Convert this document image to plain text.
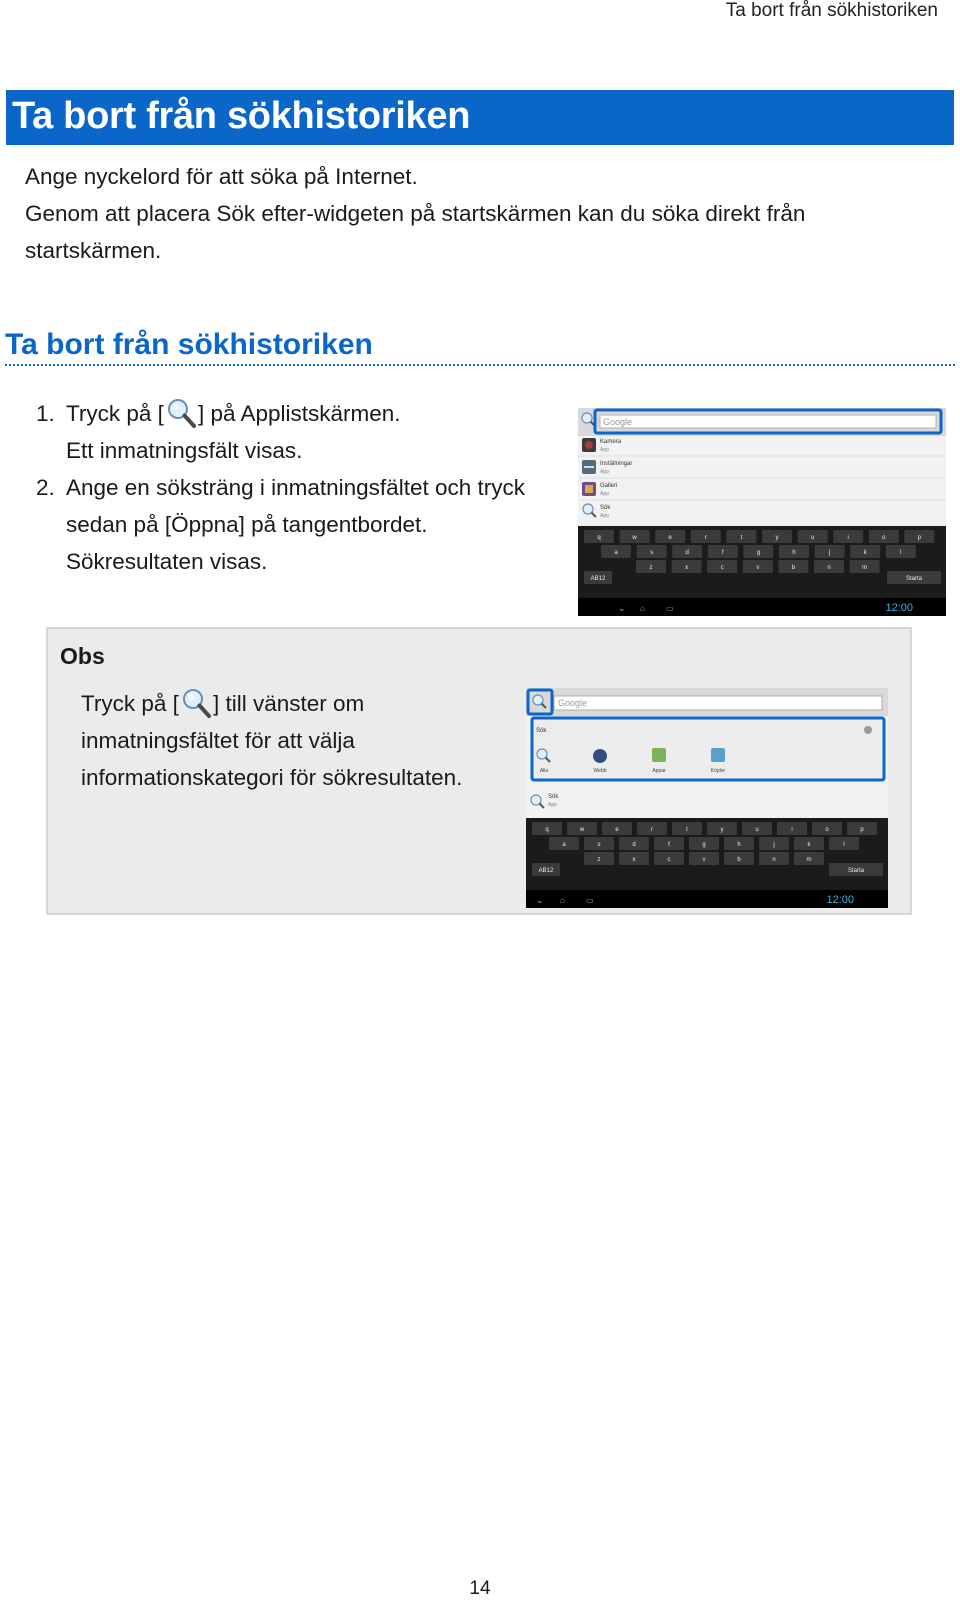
Ta bort från sökhistoriken
Ta bort från sökhistoriken
Ange nyckelord för att söka på Internet.
Genom att placera Sök efter-widgeten på startskärmen kan du söka direkt från
startskärmen.
Ta bort från sökhistoriken
1. Tryck på [ ] på Applistskärmen.
Ett inmatningsfält visas.
2. Ange en söksträng i inmatningsfältet och tryck
sedan på [Öppna] på tangentbordet.
Sökresultaten visas.
Google
Kamera
App
Inställningar
App
Galleri
App
Sök
App
q	w	e	r	t	y	u	i	o	p
a	s	d	f	g	h	j	k	l
z	x	c	v	b	n	m
AB12	Starta
⌄ ⌂	▭	12:00
Obs
Tryck på [ ] till vänster om
inmatningsfältet för att välja
informationskategori för sökresultaten.
Google
Sök
Alla	Webb	Appar	Kópler
Sök
App
q	w	e	r	t	y	u	i	o	p
a	s	d	f	g	h	j	k	l
z	x	c	v	b	n	m
AB12	Starta
⌄ ⌂	▭	12:00
14
